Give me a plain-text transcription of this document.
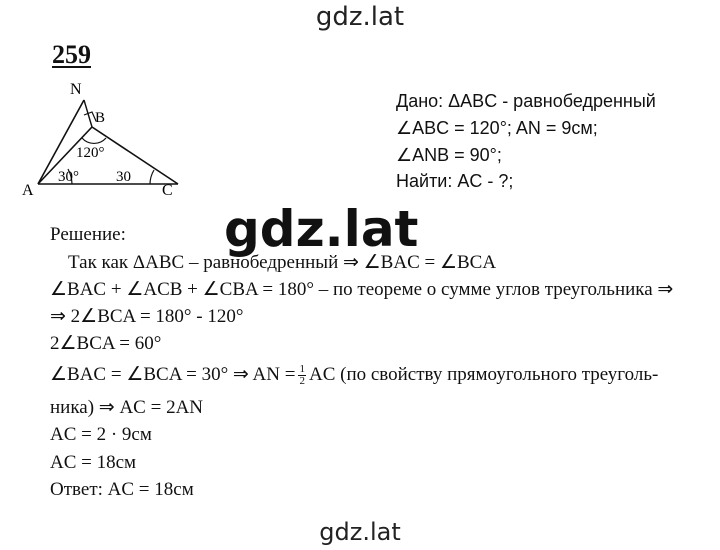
gdz.lat
259
N
B
A	C
120°
30° 30
Дано: ΔABC - равнобедренный
∠ABC = 120°; AN = 9см;
∠ANB = 90°;
Найти: AC - ?;
gdz.lat
Решение:
Так как ΔABC – равнобедренный ⇒ ∠BAC = ∠BCA
∠BAC + ∠ACB + ∠CBA = 180° – по теореме о сумме углов треугольника ⇒
⇒ 2∠BCA = 180° - 120°
2∠BCA = 60°
∠BAC = ∠BCA = 30° ⇒ AN = $\frac{1}{2}$ AC (по свойству прямоугольного треуголь-
ника) ⇒ AC = 2AN
AC = 2 · 9см
AC = 18см
Ответ: AC = 18см
gdz.lat
